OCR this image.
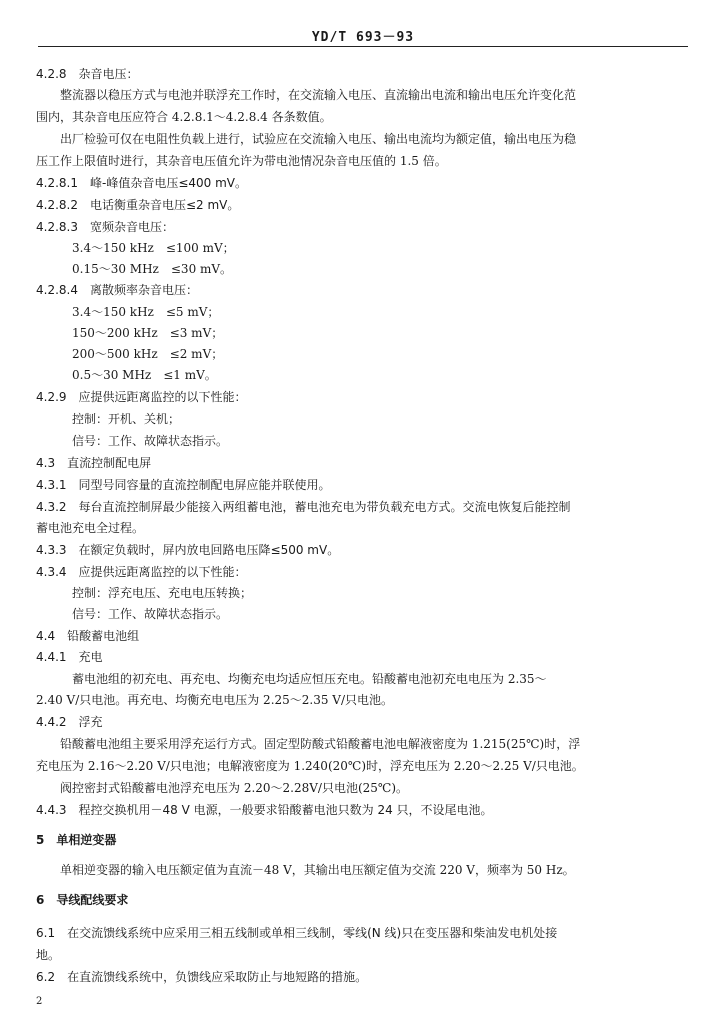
YD/T 693－93
4.2.8　杂音电压：
整流器以稳压方式与电池并联浮充工作时，在交流输入电压、直流输出电流和输出电压允许变化范
围内，其杂音电压应符合 4.2.8.1～4.2.8.4 各条数值。
出厂检验可仅在电阻性负载上进行，试验应在交流输入电压、输出电流均为额定值，输出电压为稳
压工作上限值时进行，其杂音电压值允许为带电池情况杂音电压值的 1.5 倍。
4.2.8.1　峰-峰值杂音电压≤400 mV。
4.2.8.2　电话衡重杂音电压≤2 mV。
4.2.8.3　宽频杂音电压：
3.4～150 kHz　≤100 mV；
0.15～30 MHz　≤30 mV。
4.2.8.4　离散频率杂音电压：
3.4～150 kHz　≤5 mV；
150～200 kHz　≤3 mV；
200～500 kHz　≤2 mV；
0.5～30 MHz　≤1 mV。
4.2.9　应提供远距离监控的以下性能：
控制：开机、关机；
信号：工作、故障状态指示。
4.3　直流控制配电屏
4.3.1　同型号同容量的直流控制配电屏应能并联使用。
4.3.2　每台直流控制屏最少能接入两组蓄电池，蓄电池充电为带负载充电方式。交流电恢复后能控制
蓄电池充电全过程。
4.3.3　在额定负载时，屏内放电回路电压降≤500 mV。
4.3.4　应提供远距离监控的以下性能：
控制：浮充电压、充电电压转换；
信号：工作、故障状态指示。
4.4　铅酸蓄电池组
4.4.1　充电
蓄电池组的初充电、再充电、均衡充电均适应恒压充电。铅酸蓄电池初充电电压为 2.35～
2.40 V/只电池。再充电、均衡充电电压为 2.25～2.35 V/只电池。
4.4.2　浮充
铅酸蓄电池组主要采用浮充运行方式。固定型防酸式铅酸蓄电池电解液密度为 1.215(25℃)时，浮
充电压为 2.16～2.20 V/只电池；电解液密度为 1.240(20℃)时，浮充电压为 2.20～2.25 V/只电池。
阀控密封式铅酸蓄电池浮充电压为 2.20～2.28V/只电池(25℃)。
4.4.3　程控交换机用－48 V 电源，一般要求铅酸蓄电池只数为 24 只，不设尾电池。
5　单相逆变器
单相逆变器的输入电压额定值为直流－48 V，其输出电压额定值为交流 220 V，频率为 50 Hz。
6　导线配线要求
6.1　在交流馈线系统中应采用三相五线制或单相三线制，零线(N 线)只在变压器和柴油发电机处接
地。
6.2　在直流馈线系统中，负馈线应采取防止与地短路的措施。
2
